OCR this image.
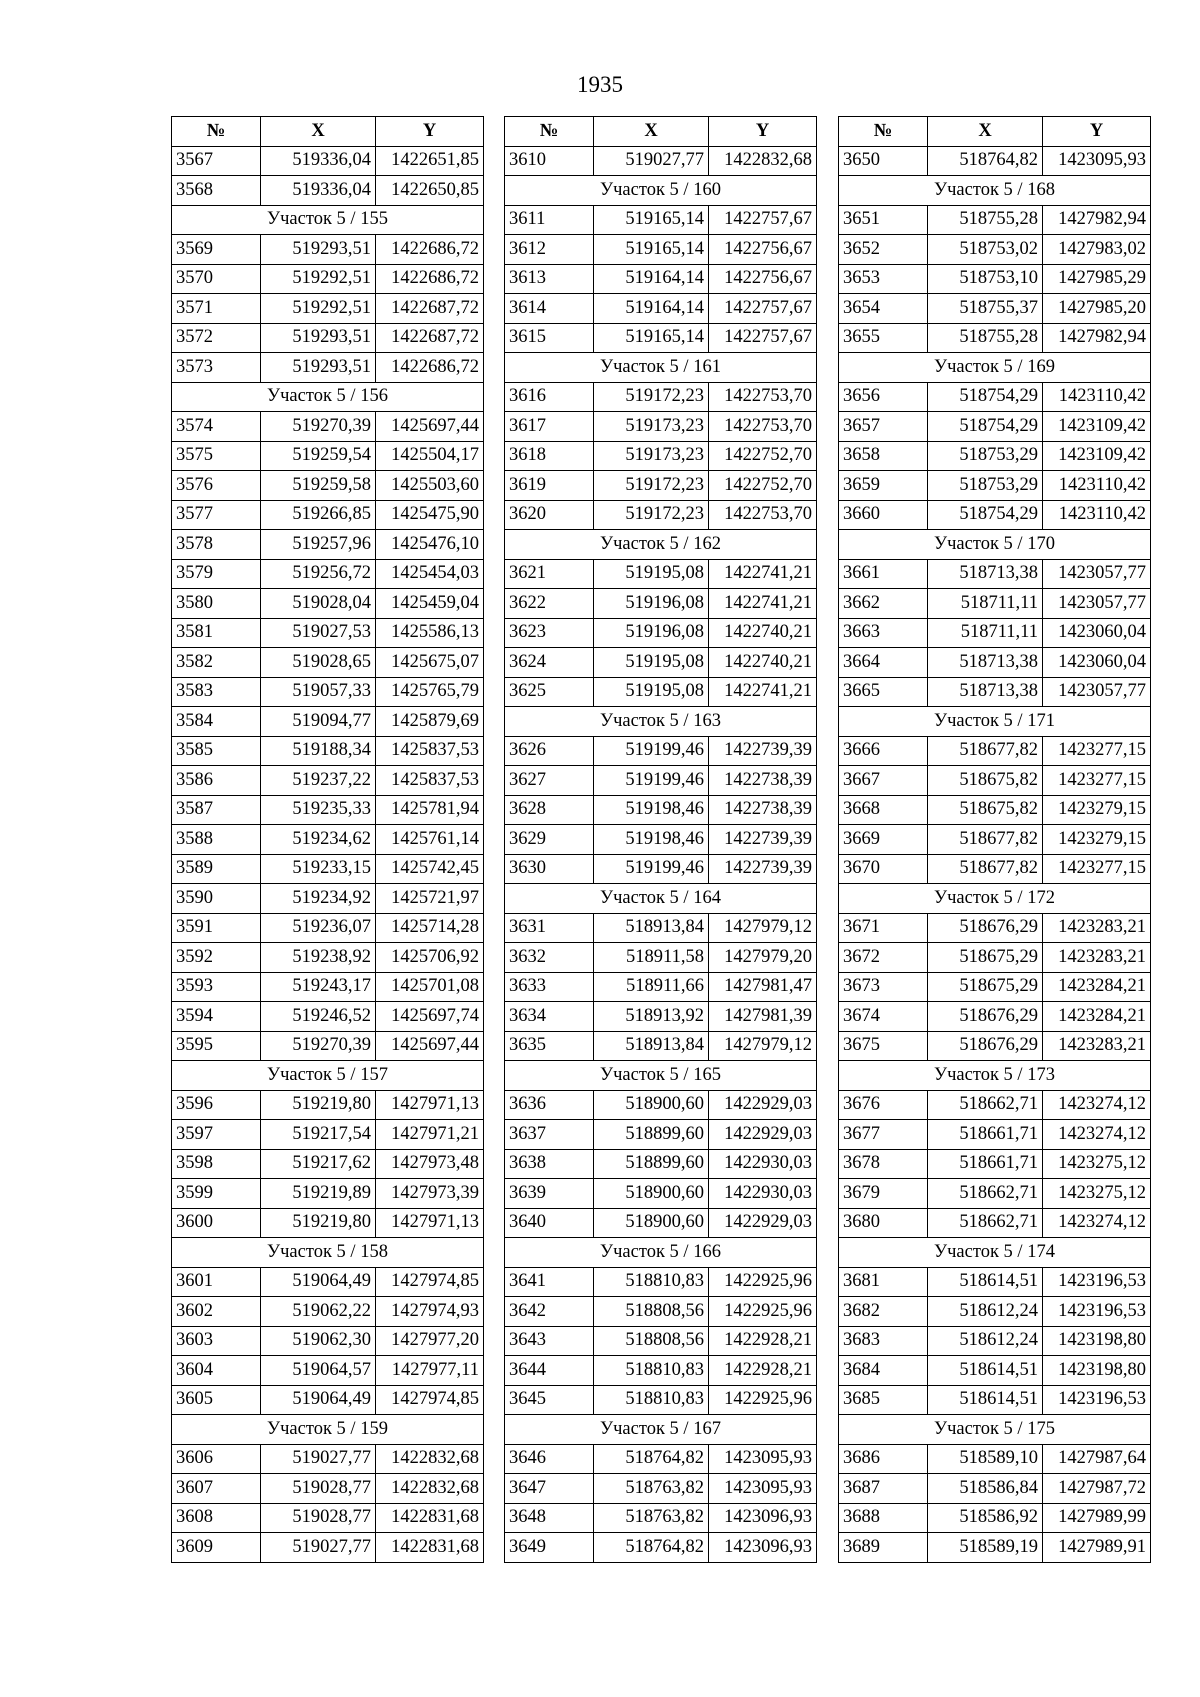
1935
№	X	Y
3567	519336,04	1422651,85
3568	519336,04	1422650,85
Участок 5 / 155		
3569	519293,51	1422686,72
3570	519292,51	1422686,72
3571	519292,51	1422687,72
3572	519293,51	1422687,72
3573	519293,51	1422686,72
Участок 5 / 156		
3574	519270,39	1425697,44
3575	519259,54	1425504,17
3576	519259,58	1425503,60
3577	519266,85	1425475,90
3578	519257,96	1425476,10
3579	519256,72	1425454,03
3580	519028,04	1425459,04
3581	519027,53	1425586,13
3582	519028,65	1425675,07
3583	519057,33	1425765,79
3584	519094,77	1425879,69
3585	519188,34	1425837,53
3586	519237,22	1425837,53
3587	519235,33	1425781,94
3588	519234,62	1425761,14
3589	519233,15	1425742,45
3590	519234,92	1425721,97
3591	519236,07	1425714,28
3592	519238,92	1425706,92
3593	519243,17	1425701,08
3594	519246,52	1425697,74
3595	519270,39	1425697,44
Участок 5 / 157		
3596	519219,80	1427971,13
3597	519217,54	1427971,21
3598	519217,62	1427973,48
3599	519219,89	1427973,39
3600	519219,80	1427971,13
Участок 5 / 158		
3601	519064,49	1427974,85
3602	519062,22	1427974,93
3603	519062,30	1427977,20
3604	519064,57	1427977,11
3605	519064,49	1427974,85
Участок 5 / 159		
3606	519027,77	1422832,68
3607	519028,77	1422832,68
3608	519028,77	1422831,68
3609	519027,77	1422831,68
№	X	Y
3610	519027,77	1422832,68
Участок 5 / 160		
3611	519165,14	1422757,67
3612	519165,14	1422756,67
3613	519164,14	1422756,67
3614	519164,14	1422757,67
3615	519165,14	1422757,67
Участок 5 / 161		
3616	519172,23	1422753,70
3617	519173,23	1422753,70
3618	519173,23	1422752,70
3619	519172,23	1422752,70
3620	519172,23	1422753,70
Участок 5 / 162		
3621	519195,08	1422741,21
3622	519196,08	1422741,21
3623	519196,08	1422740,21
3624	519195,08	1422740,21
3625	519195,08	1422741,21
Участок 5 / 163		
3626	519199,46	1422739,39
3627	519199,46	1422738,39
3628	519198,46	1422738,39
3629	519198,46	1422739,39
3630	519199,46	1422739,39
Участок 5 / 164		
3631	518913,84	1427979,12
3632	518911,58	1427979,20
3633	518911,66	1427981,47
3634	518913,92	1427981,39
3635	518913,84	1427979,12
Участок 5 / 165		
3636	518900,60	1422929,03
3637	518899,60	1422929,03
3638	518899,60	1422930,03
3639	518900,60	1422930,03
3640	518900,60	1422929,03
Участок 5 / 166		
3641	518810,83	1422925,96
3642	518808,56	1422925,96
3643	518808,56	1422928,21
3644	518810,83	1422928,21
3645	518810,83	1422925,96
Участок 5 / 167		
3646	518764,82	1423095,93
3647	518763,82	1423095,93
3648	518763,82	1423096,93
3649	518764,82	1423096,93
№	X	Y
3650	518764,82	1423095,93
Участок 5 / 168		
3651	518755,28	1427982,94
3652	518753,02	1427983,02
3653	518753,10	1427985,29
3654	518755,37	1427985,20
3655	518755,28	1427982,94
Участок 5 / 169		
3656	518754,29	1423110,42
3657	518754,29	1423109,42
3658	518753,29	1423109,42
3659	518753,29	1423110,42
3660	518754,29	1423110,42
Участок 5 / 170		
3661	518713,38	1423057,77
3662	518711,11	1423057,77
3663	518711,11	1423060,04
3664	518713,38	1423060,04
3665	518713,38	1423057,77
Участок 5 / 171		
3666	518677,82	1423277,15
3667	518675,82	1423277,15
3668	518675,82	1423279,15
3669	518677,82	1423279,15
3670	518677,82	1423277,15
Участок 5 / 172		
3671	518676,29	1423283,21
3672	518675,29	1423283,21
3673	518675,29	1423284,21
3674	518676,29	1423284,21
3675	518676,29	1423283,21
Участок 5 / 173		
3676	518662,71	1423274,12
3677	518661,71	1423274,12
3678	518661,71	1423275,12
3679	518662,71	1423275,12
3680	518662,71	1423274,12
Участок 5 / 174		
3681	518614,51	1423196,53
3682	518612,24	1423196,53
3683	518612,24	1423198,80
3684	518614,51	1423198,80
3685	518614,51	1423196,53
Участок 5 / 175		
3686	518589,10	1427987,64
3687	518586,84	1427987,72
3688	518586,92	1427989,99
3689	518589,19	1427989,91
